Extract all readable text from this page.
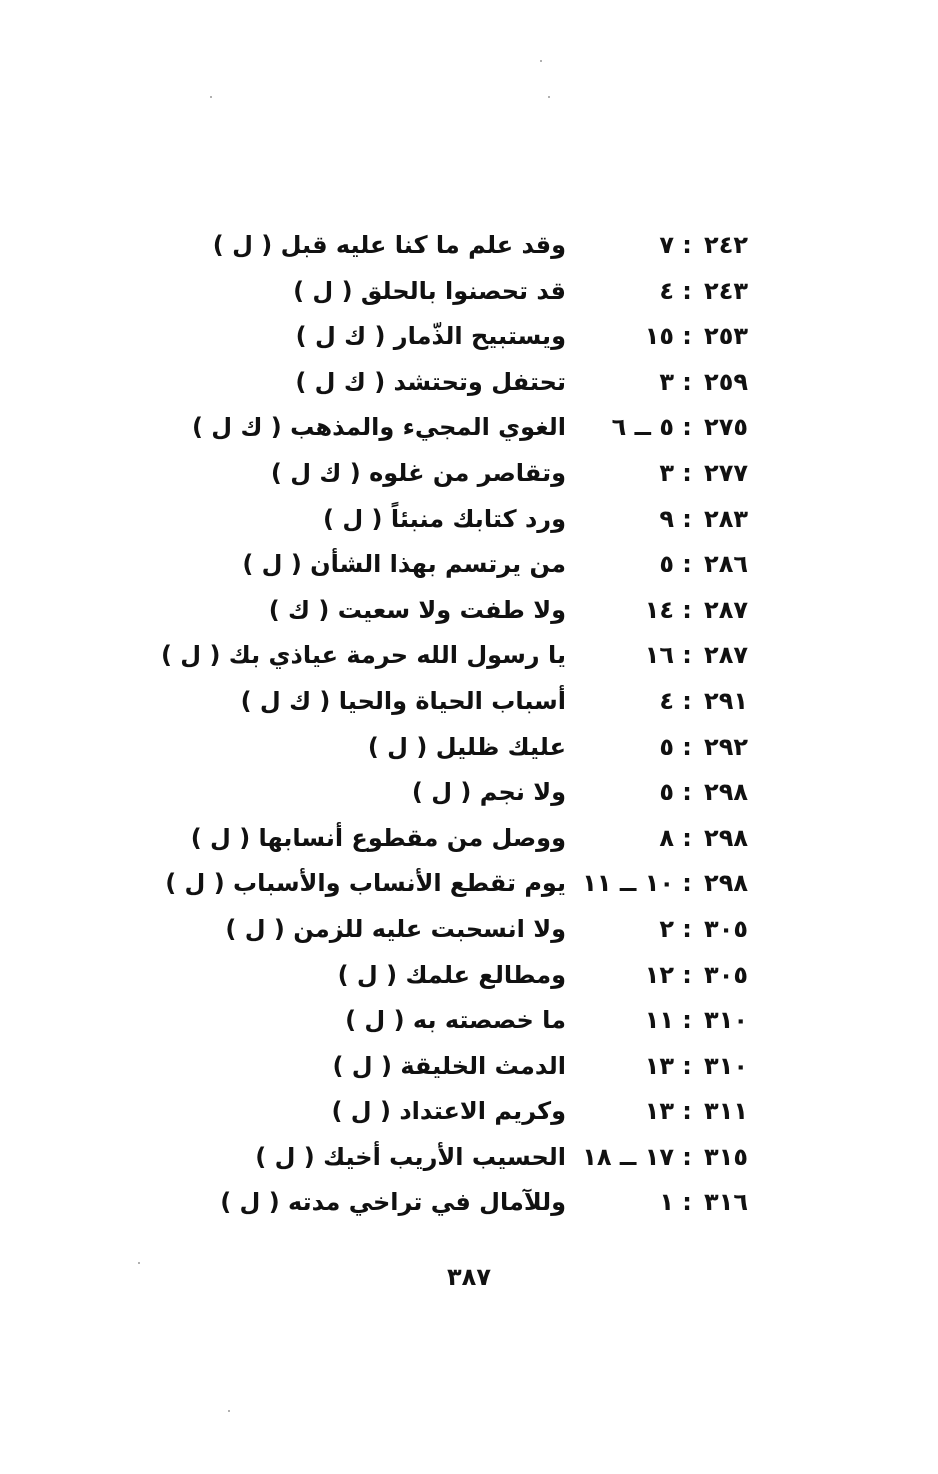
٢٤٢:٧
وقد علم ما كنا عليه قبل ( ل )
٢٤٣:٤
قد تحصنوا بالحلق ( ل )
٢٥٣:١٥
ويستبيح الذّمار ( ك ل )
٢٥٩:٣
تحتفل وتحتشد ( ك ل )
٢٧٥:٥ ــ ٦
الغوي المجيء والمذهب ( ك ل )
٢٧٧:٣
وتقاصر من غلوه ( ك ل )
٢٨٣:٩
ورد كتابك منبئاً ( ل )
٢٨٦:٥
من يرتسم بهذا الشأن ( ل )
٢٨٧:١٤
ولا طفت ولا سعيت ( ك )
٢٨٧:١٦
يا رسول الله حرمة عياذي بك ( ل )
٢٩١:٤
أسباب الحياة والحيا ( ك ل )
٢٩٢:٥
عليك ظليل ( ل )
٢٩٨:٥
ولا نجم ( ل )
٢٩٨:٨
ووصل من مقطوع أنسابها ( ل )
٢٩٨:١٠ ــ ١١
يوم تقطع الأنساب والأسباب ( ل )
٣٠٥:٢
ولا انسحبت عليه للزمن ( ل )
٣٠٥:١٢
ومطالع علمك ( ل )
٣١٠:١١
ما خصصته به ( ل )
٣١٠:١٣
الدمث الخليقة ( ل )
٣١١:١٣
وكريم الاعتداد ( ل )
٣١٥:١٧ ــ ١٨
الحسيب الأريب أخيك ( ل )
٣١٦:١
وللآمال في تراخي مدته ( ل )
٣٨٧
